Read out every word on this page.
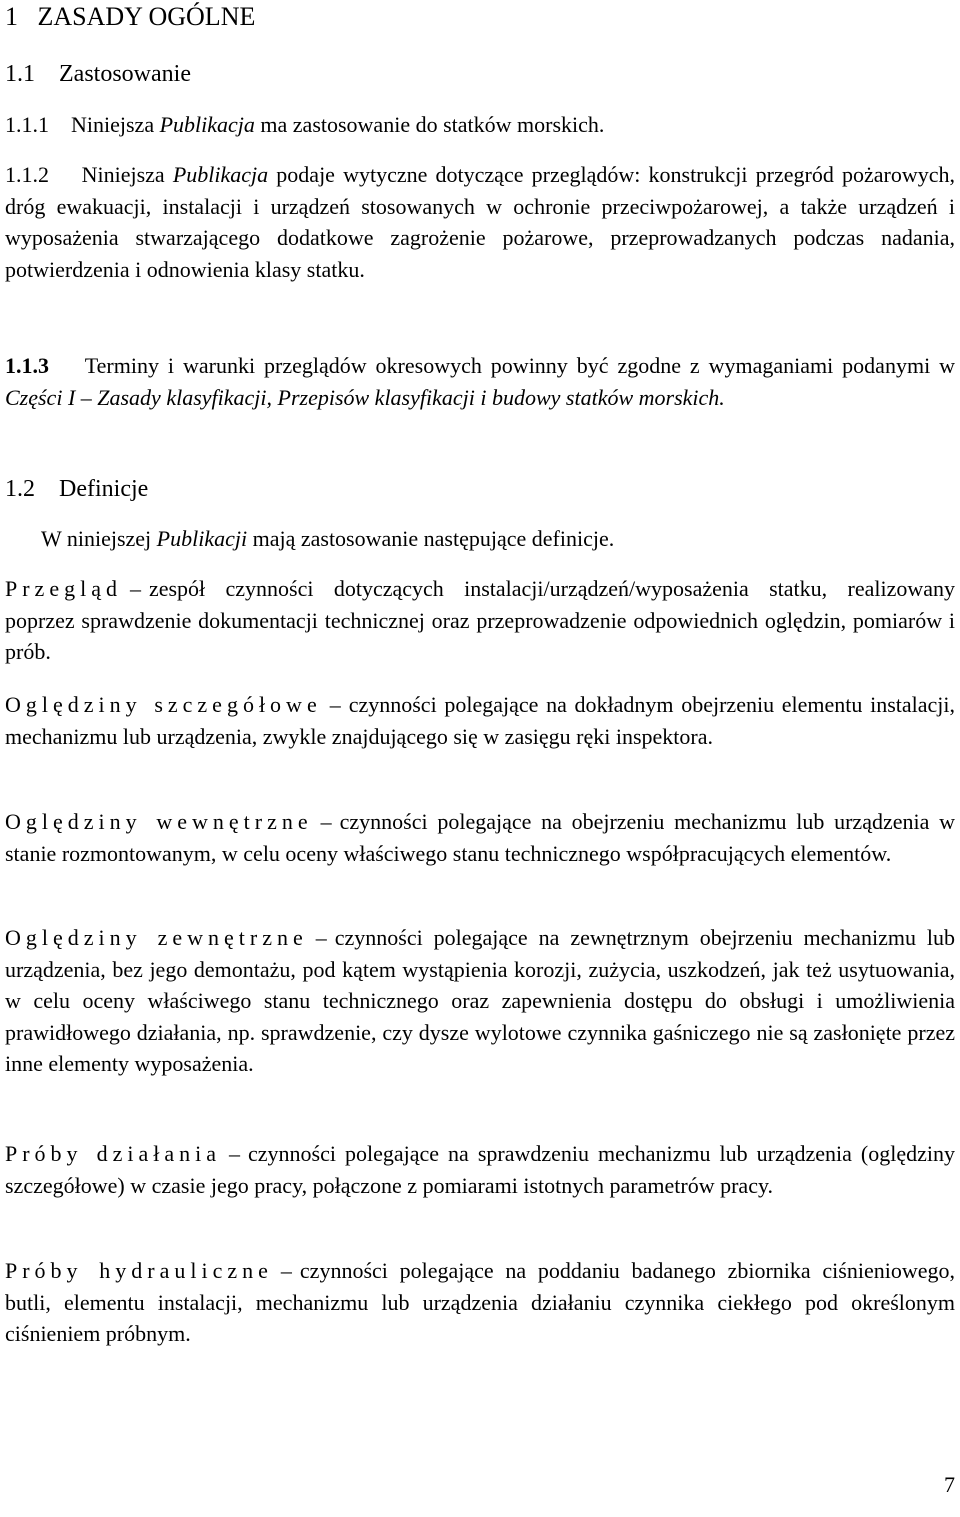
1 ZASADY OGÓLNE
1.1 Zastosowanie
1.1.1 Niniejsza Publikacja ma zastosowanie do statków morskich.
1.1.2 Niniejsza Publikacja podaje wytyczne dotyczące przeglądów: konstrukcji przegród pożarowych, dróg ewakuacji, instalacji i urządzeń stosowanych w ochronie przeciwpożarowej, a także urządzeń i wyposażenia stwarzającego dodatkowe zagrożenie pożarowe, przeprowadzanych podczas nadania, potwierdzenia i odnowienia klasy statku.
1.1.3 Terminy i warunki przeglądów okresowych powinny być zgodne z wymaganiami podanymi w Części I – Zasady klasyfikacji, Przepisów klasyfikacji i budowy statków morskich.
1.2 Definicje
W niniejszej Publikacji mają zastosowanie następujące definicje.
Przegląd – zespół czynności dotyczących instalacji/urządzeń/wyposażenia statku, realizowany poprzez sprawdzenie dokumentacji technicznej oraz przeprowadzenie odpowiednich oględzin, pomiarów i prób.
Oględziny szczegółowe – czynności polegające na dokładnym obejrzeniu elementu instalacji, mechanizmu lub urządzenia, zwykle znajdującego się w zasięgu ręki inspektora.
Oględziny wewnętrzne – czynności polegające na obejrzeniu mechanizmu lub urządzenia w stanie rozmontowanym, w celu oceny właściwego stanu technicznego współpracujących elementów.
Oględziny zewnętrzne – czynności polegające na zewnętrznym obejrzeniu mechanizmu lub urządzenia, bez jego demontażu, pod kątem wystąpienia korozji, zużycia, uszkodzeń, jak też usytuowania, w celu oceny właściwego stanu technicznego oraz zapewnienia dostępu do obsługi i umożliwienia prawidłowego działania, np. sprawdzenie, czy dysze wylotowe czynnika gaśniczego nie są zasłonięte przez inne elementy wyposażenia.
Próby działania – czynności polegające na sprawdzeniu mechanizmu lub urządzenia (oględziny szczegółowe) w czasie jego pracy, połączone z pomiarami istotnych parametrów pracy.
Próby hydrauliczne – czynności polegające na poddaniu badanego zbiornika ciśnieniowego, butli, elementu instalacji, mechanizmu lub urządzenia działaniu czynnika ciekłego pod określonym ciśnieniem próbnym.
7
